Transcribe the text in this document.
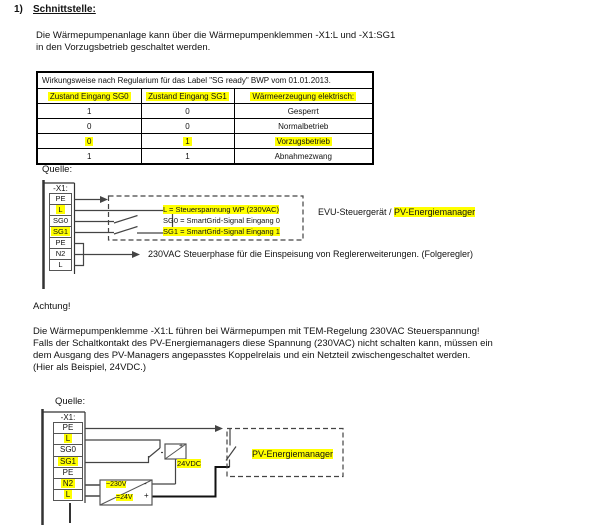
1) Schnittstelle:
Die Wärmepumpenanlage kann über die Wärmepumpenklemmen -X1:L und -X1:SG1
in den Vorzugsbetrieb geschaltet werden.
Wirkungsweise nach Regularium für das Label "SG ready" BWP vom 01.01.2013.		
Zustand Eingang SG0	Zustand Eingang SG1	Wärmeerzeugung elektrisch:
1	0	Gesperrt
0	0	Normalbetrieb
0	1	Vorzugsbetrieb
1	1	Abnahmezwang
Quelle:
-X1:
PE
L
SG0
SG1
PE
N2
L
L = Steuerspannung WP (230VAC)
SG0 = SmartGrid-Signal Eingang 0
SG1 = SmartGrid-Signal Eingang 1
EVU-Steuergerät / PV-Energiemanager
230VAC Steuerphase für die Einspeisung von Reglererweiterungen. (Folgeregler)
Achtung!
Die Wärmepumpenklemme -X1:L führen bei Wärmepumpen mit TEM-Regelung 230VAC Steuerspannung!
Falls der Schaltkontakt des PV-Energiemanagers diese Spannung (230VAC) nicht schalten kann, müssen ein
dem Ausgang des PV-Managers angepasstes Koppelrelais und ein Netzteil zwischengeschaltet werden.
(Hier als Beispiel, 24VDC.)
Quelle:
-X1:
PE
L
SG0
SG1
PE
N2
L
24VDC
+
~230V
=24V
-
+
PV-Energiemanager
